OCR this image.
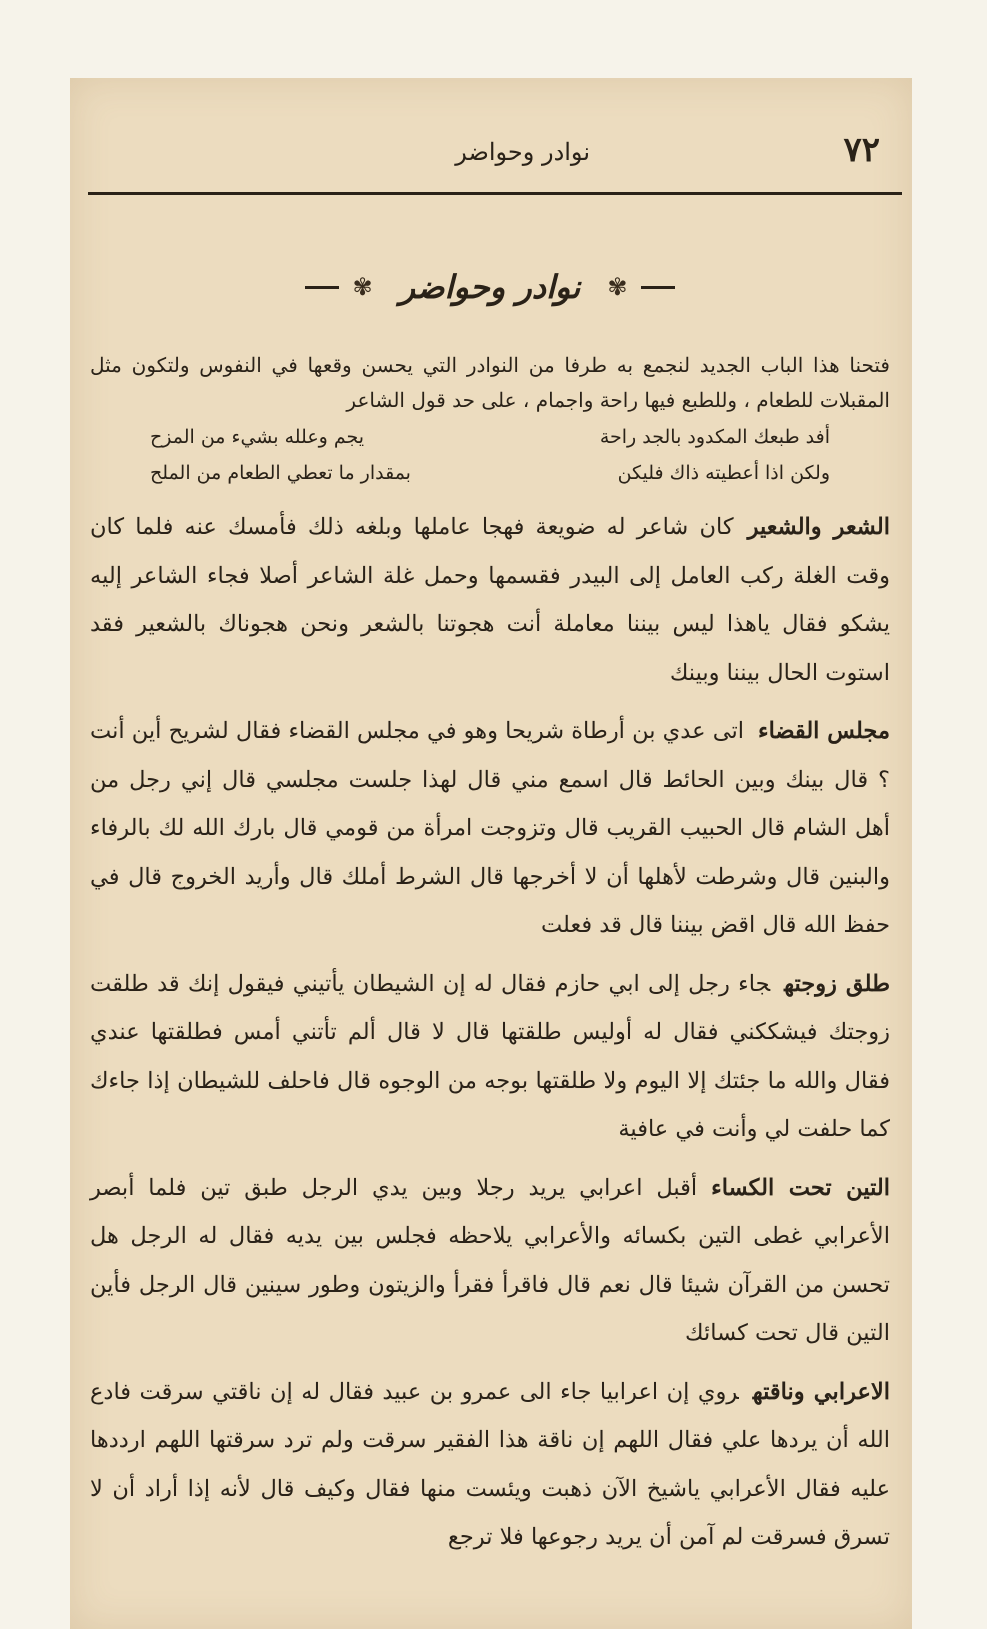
٧٢
نوادر وحواضر
✾ نوادر وحواضر ✾
فتحنا هذا الباب الجديد لنجمع به طرفا من النوادر التي يحسن وقعها في النفوس ولتكون مثل المقبلات للطعام ، وللطبع فيها راحة واجمام ، على حد قول الشاعر
أفد طبعك المكدود بالجد راحة
يجم وعلله بشيء من المزح
ولكن اذا أعطيته ذاك فليكن
بمقدار ما تعطي الطعام من الملح

الشعر والشعيركان شاعر له ضويعة فهجا عاملها وبلغه ذلك فأمسك عنه فلما كان وقت الغلة ركب العامل إلى البيدر فقسمها وحمل غلة الشاعر أصلا فجاء الشاعر إليه يشكو فقال ياهذا ليس بيننا معاملة أنت هجوتنا بالشعر ونحن هجوناك بالشعير فقد استوت الحال بيننا وبينك

مجلس القضاءاتى عدي بن أرطاة شريحا وهو في مجلس القضاء فقال لشريح أين أنت ؟ قال بينك وبين الحائط قال اسمع مني قال لهذا جلست مجلسي قال إني رجل من أهل الشام قال الحبيب القريب قال وتزوجت امرأة من قومي قال بارك الله لك بالرفاء والبنين قال وشرطت لأهلها أن لا أخرجها قال الشرط أملك قال وأريد الخروج قال في حفظ الله قال اقض بيننا قال قد فعلت

طلق زوجتهجاء رجل إلى ابي حازم فقال له إن الشيطان يأتيني فيقول إنك قد طلقت زوجتك فيشككني فقال له أوليس طلقتها قال لا قال ألم تأتني أمس فطلقتها عندي فقال والله ما جئتك إلا اليوم ولا طلقتها بوجه من الوجوه قال فاحلف للشيطان إذا جاءك كما حلفت لي وأنت في عافية

التين تحت الكساءأقبل اعرابي يريد رجلا وبين يدي الرجل طبق تين فلما أبصر الأعرابي غطى التين بكسائه والأعرابي يلاحظه فجلس بين يديه فقال له الرجل هل تحسن من القرآن شيئا قال نعم قال فاقرأ فقرأ والزيتون وطور سينين قال الرجل فأين التين قال تحت كسائك

الاعرابي وناقتهروي إن اعرابيا جاء الى عمرو بن عبيد فقال له إن ناقتي سرقت فادع الله أن يردها علي فقال اللهم إن ناقة هذا الفقير سرقت ولم ترد سرقتها اللهم ارددها عليه فقال الأعرابي ياشيخ الآن ذهبت ويئست منها فقال وكيف قال لأنه إذا أراد أن لا تسرق فسرقت لم آمن أن يريد رجوعها فلا ترجع
